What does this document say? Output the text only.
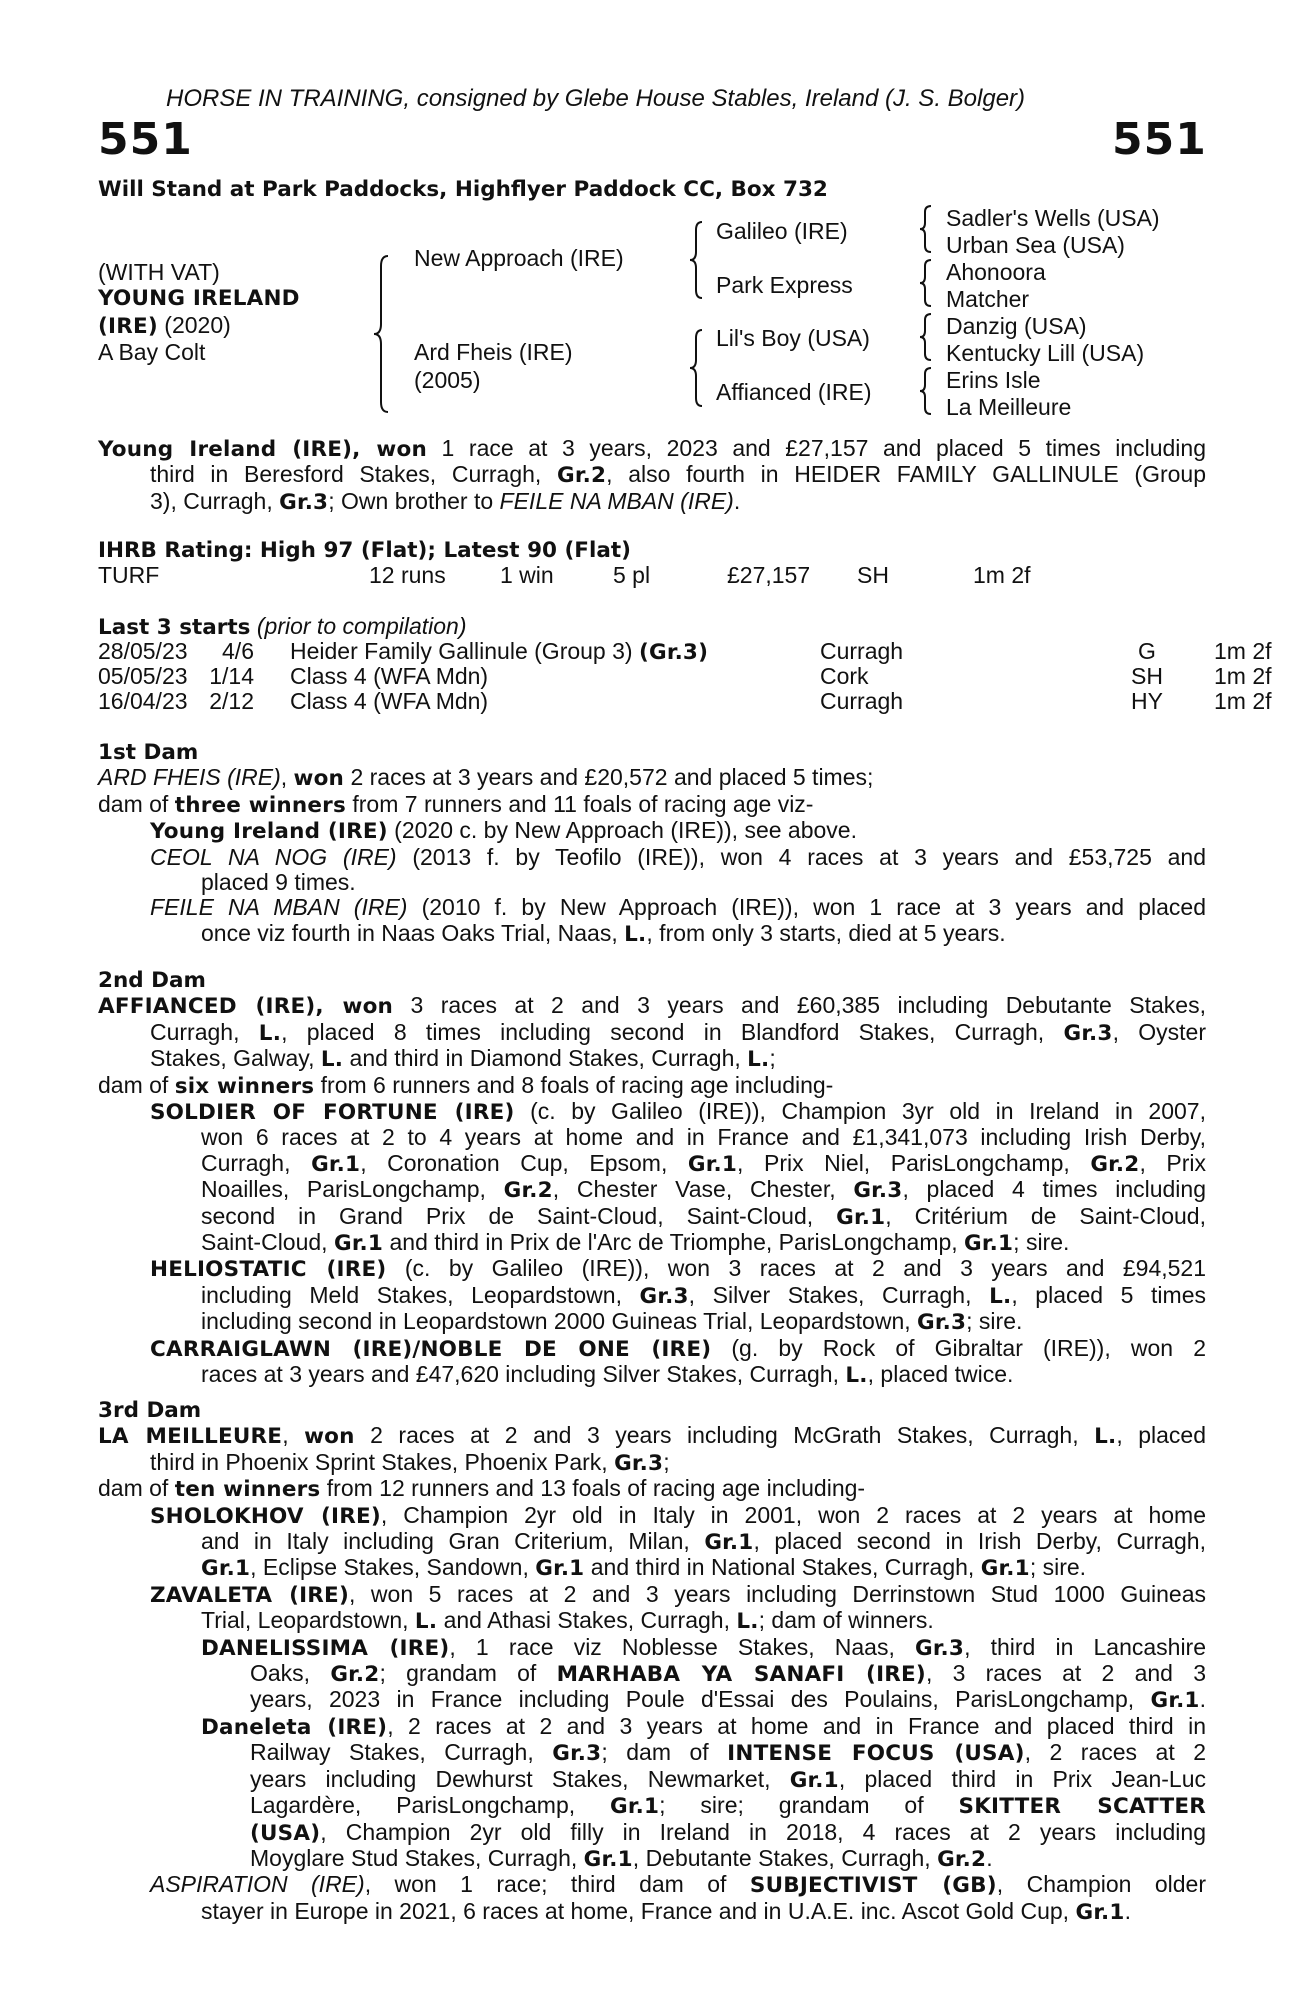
HORSE IN TRAINING, consigned by Glebe House Stables, Ireland (J. S. Bolger)
551	551
Will Stand at Park Paddocks, Highflyer Paddock CC, Box 732
(WITH VAT)
YOUNG IRELAND
(IRE) (2020)
A Bay Colt
New Approach (IRE)
Ard Fheis (IRE)
(2005)
Galileo (IRE)
Park Express
Lil's Boy (USA)
Affianced (IRE)
Sadler's Wells (USA)
Urban Sea (USA)
Ahonoora
Matcher
Danzig (USA)
Kentucky Lill (USA)
Erins Isle
La Meilleure
Young Ireland (IRE), won 1 race at 3 years, 2023 and £27,157 and placed 5 times including
third in Beresford Stakes, Curragh, Gr.2, also fourth in HEIDER FAMILY GALLINULE (Group
3), Curragh, Gr.3; Own brother to FEILE NA MBAN (IRE).
IHRB Rating: High 97 (Flat); Latest 90 (Flat)
TURF	12 runs 1 win	5 pl	£27,157 SH	1m 2f
Last 3 starts (prior to compilation)
28/05/23 4/6 Heider Family Gallinule (Group 3) (Gr.3)	Curragh	G	1m 2f
05/05/23 1/14 Class 4 (WFA Mdn)	Cork	SH 1m 2f
16/04/23 2/12 Class 4 (WFA Mdn)	Curragh	HY 1m 2f
1st Dam
ARD FHEIS (IRE), won 2 races at 3 years and £20,572 and placed 5 times;
dam of three winners from 7 runners and 11 foals of racing age viz-
Young Ireland (IRE) (2020 c. by New Approach (IRE)), see above.
CEOL NA NOG (IRE) (2013 f. by Teofilo (IRE)), won 4 races at 3 years and £53,725 and
placed 9 times.
FEILE NA MBAN (IRE) (2010 f. by New Approach (IRE)), won 1 race at 3 years and placed
once viz fourth in Naas Oaks Trial, Naas, L., from only 3 starts, died at 5 years.
2nd Dam
AFFIANCED (IRE), won 3 races at 2 and 3 years and £60,385 including Debutante Stakes,
Curragh, L., placed 8 times including second in Blandford Stakes, Curragh, Gr.3, Oyster
Stakes, Galway, L. and third in Diamond Stakes, Curragh, L.;
dam of six winners from 6 runners and 8 foals of racing age including-
SOLDIER OF FORTUNE (IRE) (c. by Galileo (IRE)), Champion 3yr old in Ireland in 2007,
won 6 races at 2 to 4 years at home and in France and £1,341,073 including Irish Derby,
Curragh, Gr.1, Coronation Cup, Epsom, Gr.1, Prix Niel, ParisLongchamp, Gr.2, Prix
Noailles, ParisLongchamp, Gr.2, Chester Vase, Chester, Gr.3, placed 4 times including
second in Grand Prix de Saint-Cloud, Saint-Cloud, Gr.1, Critérium de Saint-Cloud,
Saint-Cloud, Gr.1 and third in Prix de l'Arc de Triomphe, ParisLongchamp, Gr.1; sire.
HELIOSTATIC (IRE) (c. by Galileo (IRE)), won 3 races at 2 and 3 years and £94,521
including Meld Stakes, Leopardstown, Gr.3, Silver Stakes, Curragh, L., placed 5 times
including second in Leopardstown 2000 Guineas Trial, Leopardstown, Gr.3; sire.
CARRAIGLAWN (IRE)/NOBLE DE ONE (IRE) (g. by Rock of Gibraltar (IRE)), won 2
races at 3 years and £47,620 including Silver Stakes, Curragh, L., placed twice.
3rd Dam
LA MEILLEURE, won 2 races at 2 and 3 years including McGrath Stakes, Curragh, L., placed
third in Phoenix Sprint Stakes, Phoenix Park, Gr.3;
dam of ten winners from 12 runners and 13 foals of racing age including-
SHOLOKHOV (IRE), Champion 2yr old in Italy in 2001, won 2 races at 2 years at home
and in Italy including Gran Criterium, Milan, Gr.1, placed second in Irish Derby, Curragh,
Gr.1, Eclipse Stakes, Sandown, Gr.1 and third in National Stakes, Curragh, Gr.1; sire.
ZAVALETA (IRE), won 5 races at 2 and 3 years including Derrinstown Stud 1000 Guineas
Trial, Leopardstown, L. and Athasi Stakes, Curragh, L.; dam of winners.
DANELISSIMA (IRE), 1 race viz Noblesse Stakes, Naas, Gr.3, third in Lancashire
Oaks, Gr.2; grandam of MARHABA YA SANAFI (IRE), 3 races at 2 and 3
years, 2023 in France including Poule d'Essai des Poulains, ParisLongchamp, Gr.1.
Daneleta (IRE), 2 races at 2 and 3 years at home and in France and placed third in
Railway Stakes, Curragh, Gr.3; dam of INTENSE FOCUS (USA), 2 races at 2
years including Dewhurst Stakes, Newmarket, Gr.1, placed third in Prix Jean-Luc
Lagardère, ParisLongchamp, Gr.1; sire; grandam of SKITTER SCATTER
(USA), Champion 2yr old filly in Ireland in 2018, 4 races at 2 years including
Moyglare Stud Stakes, Curragh, Gr.1, Debutante Stakes, Curragh, Gr.2.
ASPIRATION (IRE), won 1 race; third dam of SUBJECTIVIST (GB), Champion older
stayer in Europe in 2021, 6 races at home, France and in U.A.E. inc. Ascot Gold Cup, Gr.1.
